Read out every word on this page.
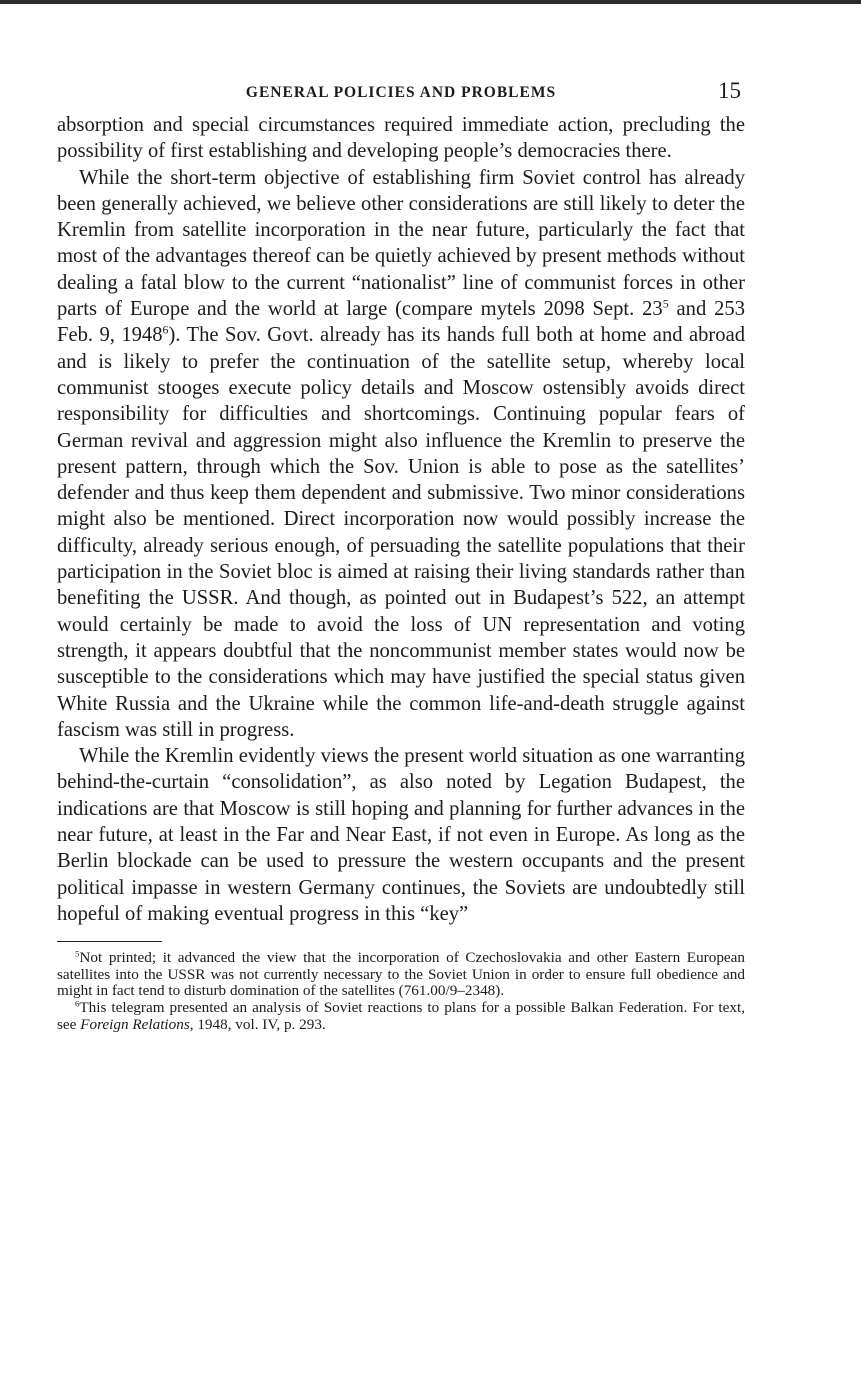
GENERAL POLICIES AND PROBLEMS	15

absorption and special circumstances required immediate action, precluding the possibility of first establishing and developing people’s democracies there.

While the short-term objective of establishing firm Soviet control has already been generally achieved, we believe other considerations are still likely to deter the Kremlin from satellite incorporation in the near future, particularly the fact that most of the advantages thereof can be quietly achieved by present methods without dealing a fatal blow to the current “nationalist” line of communist forces in other parts of Europe and the world at large (compare mytels 2098 Sept. $23^5$ and 253 Feb. 9, 1948$^6$). The Sov. Govt. already has its hands full both at home and abroad and is likely to prefer the continuation of the satellite setup, whereby local communist stooges execute policy details and Moscow ostensibly avoids direct responsibility for difficulties and shortcomings. Continuing popular fears of German revival and aggression might also influence the Kremlin to preserve the present pattern, through which the Sov. Union is able to pose as the satellites’ defender and thus keep them dependent and submissive. Two minor considerations might also be mentioned. Direct incorporation now would possibly increase the difficulty, already serious enough, of persuading the satellite populations that their participation in the Soviet bloc is aimed at raising their living standards rather than benefiting the USSR. And though, as pointed out in Budapest’s 522, an attempt would certainly be made to avoid the loss of UN representation and voting strength, it appears doubtful that the noncommunist member states would now be susceptible to the considerations which may have justified the special status given White Russia and the Ukraine while the common life-and-death struggle against fascism was still in progress.

While the Kremlin evidently views the present world situation as one warranting behind-the-curtain “consolidation”, as also noted by Legation Budapest, the indications are that Moscow is still hoping and planning for further advances in the near future, at least in the Far and Near East, if not even in Europe. As long as the Berlin blockade can be used to pressure the western occupants and the present political impasse in western Germany continues, the Soviets are undoubtedly still hopeful of making eventual progress in this “key”

$^5$Not printed; it advanced the view that the incorporation of Czechoslovakia and other Eastern European satellites into the USSR was not currently necessary to the Soviet Union in order to ensure full obedience and might in fact tend to disturb domination of the satellites (761.00/9–2348).

$^6$This telegram presented an analysis of Soviet reactions to plans for a possible Balkan Federation. For text, see Foreign Relations, 1948, vol. IV, p. 293.
